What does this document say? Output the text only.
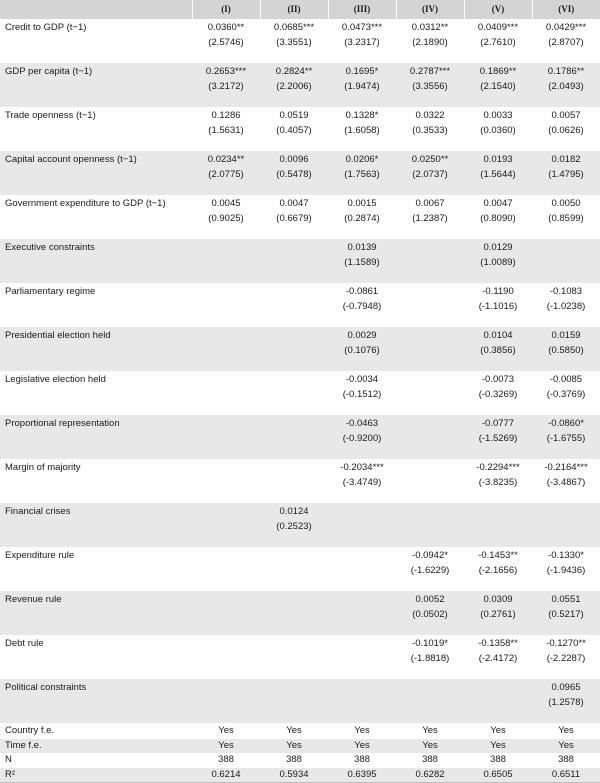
	(I)	(II)	(III)	(IV)	(V)	(VI)
Credit to GDP (t−1)	0.0360**	0.0685***	0.0473***	0.0312**	0.0409***	0.0429***
	(2.5746)	(3.3551)	(3.2317)	(2.1890)	(2.7610)	(2.8707)
GDP per capita (t−1)	0.2653***	0.2824**	0.1695*	0.2787***	0.1869**	0.1786**
	(3.2172)	(2.2006)	(1.9474)	(3.3556)	(2.1540)	(2.0493)
Trade openness (t−1)	0.1286	0.0519	0.1328*	0.0322	0.0033	0.0057
	(1.5631)	(0.4057)	(1.6058)	(0.3533)	(0.0360)	(0.0626)
Capital account openness (t−1)	0.0234**	0.0096	0.0206*	0.0250**	0.0193	0.0182
	(2.0775)	(0.5478)	(1.7563)	(2.0737)	(1.5644)	(1.4795)
Government expenditure to GDP (t−1)	0.0045	0.0047	0.0015	0.0067	0.0047	0.0050
	(0.9025)	(0.6679)	(0.2874)	(1.2387)	(0.8090)	(0.8599)
Executive constraints			0.0139		0.0129	
			(1.1589)		(1.0089)	
Parliamentary regime			-0.0861		-0.1190	-0.1083
			(-0.7948)		(-1.1016)	(-1.0238)
Presidential election held			0.0029		0.0104	0.0159
			(0.1076)		(0.3856)	(0.5850)
Legislative election held			-0.0034		-0.0073	-0.0085
			(-0.1512)		(-0.3269)	(-0.3769)
Proportional representation			-0.0463		-0.0777	-0.0860*
			(-0.9200)		(-1.5269)	(-1.6755)
Margin of majority			-0.2034***		-0.2294***	-0.2164***
			(-3.4749)		(-3.8235)	(-3.4867)
Financial crises		0.0124				
		(0.2523)				
Expenditure rule				-0.0942*	-0.1453**	-0.1330*
				(-1.6229)	(-2.1656)	(-1.9436)
Revenue rule				0.0052	0.0309	0.0551
				(0.0502)	(0.2761)	(0.5217)
Debt rule				-0.1019*	-0.1358**	-0.1270**
				(-1.8818)	(-2.4172)	(-2.2287)
Political constraints						0.0965
						(1.2578)
Country f.e.	Yes	Yes	Yes	Yes	Yes	Yes
Time f.e.	Yes	Yes	Yes	Yes	Yes	Yes
N	388	388	388	388	388	388
R²	0.6214	0.5934	0.6395	0.6282	0.6505	0.6511
